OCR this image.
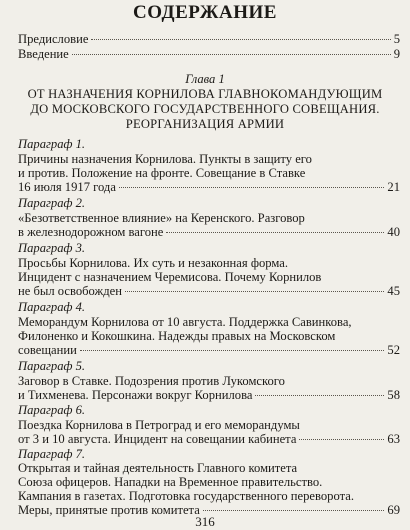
СОДЕРЖАНИЕ
Предисловие	5
Введение	9
Глава 1
ОТ НАЗНАЧЕНИЯ КОРНИЛОВА ГЛАВНОКОМАНДУЮЩИМ
ДО МОСКОВСКОГО ГОСУДАРСТВЕННОГО СОВЕЩАНИЯ.
РЕОРГАНИЗАЦИЯ АРМИИ
Параграф 1.
Причины назначения Корнилова. Пункты в защиту его
и против. Положение на фронте. Совещание в Ставке
16 июля 1917 года	21
Параграф 2.
«Безответственное влияние» на Керенского. Разговор
в железнодорожном вагоне	40
Параграф 3.
Просьбы Корнилова. Их суть и незаконная форма.
Инцидент с назначением Черемисова. Почему Корнилов
не был освобожден	45
Параграф 4.
Меморандум Корнилова от 10 августа. Поддержка Савинкова,
Филоненко и Кокошкина. Надежды правых на Московском
совещании	52
Параграф 5.
Заговор в Ставке. Подозрения против Лукомского
и Тихменева. Персонажи вокруг Корнилова	58
Параграф 6.
Поездка Корнилова в Петроград и его меморандумы
от 3 и 10 августа. Инцидент на совещании кабинета	63
Параграф 7.
Открытая и тайная деятельность Главного комитета
Союза офицеров. Нападки на Временное правительство.
Кампания в газетах. Подготовка государственного переворота.
Меры, принятые против комитета	69
316
